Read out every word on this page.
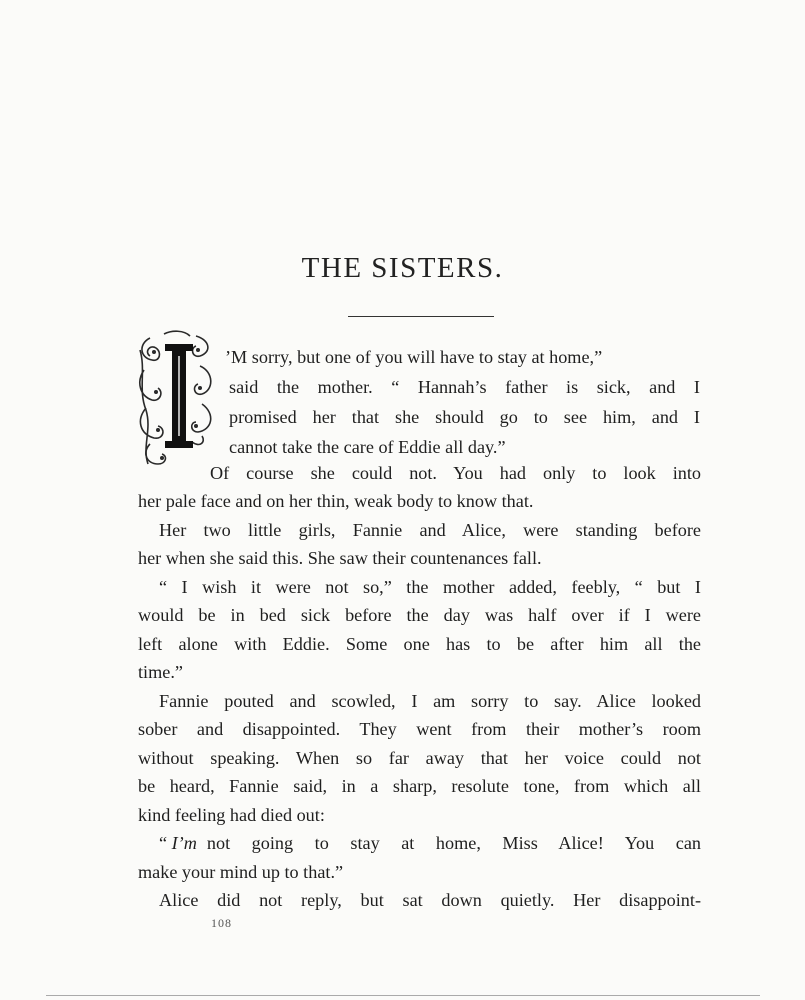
THE SISTERS.
’M sorry, but one of you will have to stay at home,”
said the mother. “ Hannah’s father is sick, and I
promised her that she should go to see him, and I
cannot take the care of Eddie all day.”
Of course she could not. You had only to look into
her pale face and on her thin, weak body to know that.
Her two little girls, Fannie and Alice, were standing before
her when she said this. She saw their countenances fall.
“ I wish it were not so,” the mother added, feebly, “ but I
would be in bed sick before the day was half over if I were
left alone with Eddie. Some one has to be after him all the
time.”
Fannie pouted and scowled, I am sorry to say. Alice looked
sober and disappointed. They went from their mother’s room
without speaking. When so far away that her voice could not
be heard, Fannie said, in a sharp, resolute tone, from which all
kind feeling had died out:
“ I’m not going to stay at home, Miss Alice! You can
make your mind up to that.”
Alice did not reply, but sat down quietly. Her disappoint-
108
